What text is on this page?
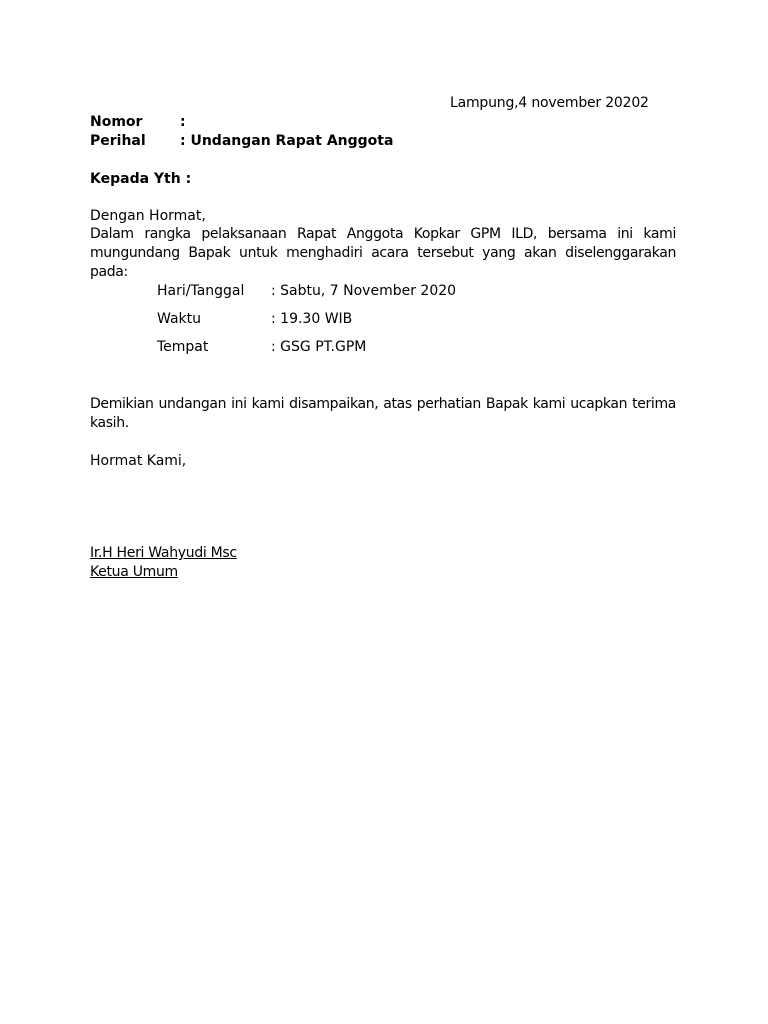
Lampung,4 november 20202
Nomor	:
Perihal : Undangan Rapat Anggota
Kepada Yth :
Dengan Hormat,
Dalam rangka pelaksanaan Rapat Anggota Kopkar GPM ILD, bersama ini kami mungundang Bapak untuk menghadiri acara tersebut yang akan diselenggarakan pada:
Hari/Tanggal : Sabtu, 7 November 2020
Waktu	: 19.30 WIB
Tempat	: GSG PT.GPM
Demikian undangan ini kami disampaikan, atas perhatian Bapak kami ucapkan terima kasih.
Hormat Kami,
Ir.H Heri Wahyudi Msc
Ketua Umum
